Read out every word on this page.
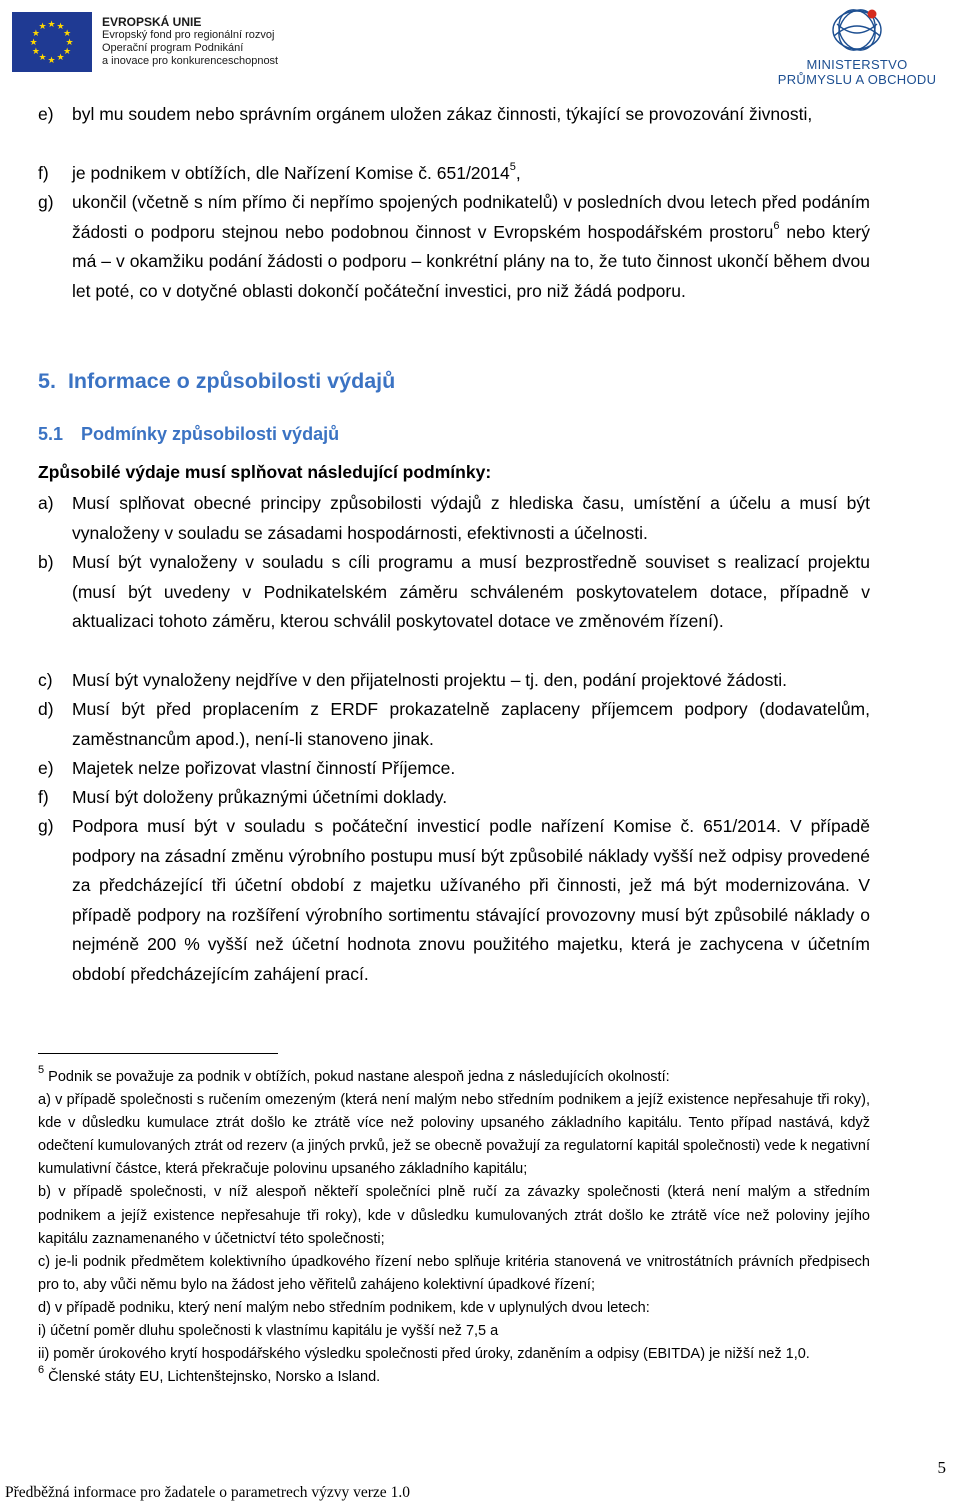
★ ★
★
★
★
★
★
★
★
★
★
★	EVROPSKÁ UNIE
Evropský fond pro regionální rozvoj
Operační program Podnikání
a inovace pro konkurenceschopnost	MINISTERSTVO
PRŮMYSLU A OBCHODU
e) byl mu soudem nebo správním orgánem uložen zákaz činnosti, týkající se provozování živnosti,
f) je podnikem v obtížích, dle Nařízení Komise č. 651/2014$^5$,
g) ukončil (včetně s ním přímo či nepřímo spojených podnikatelů) v posledních dvou letech před podáním žádosti o podporu stejnou nebo podobnou činnost v Evropském hospodářském prostoru$^6$ nebo který má – v okamžiku podání žádosti o podporu – konkrétní plány na to, že tuto činnost ukončí během dvou let poté, co v dotyčné oblasti dokončí počáteční investici, pro niž žádá podporu.
5. Informace o způsobilosti výdajů
5.1 Podmínky způsobilosti výdajů
Způsobilé výdaje musí splňovat následující podmínky:
a) Musí splňovat obecné principy způsobilosti výdajů z hlediska času, umístění a účelu a musí být vynaloženy v souladu se zásadami hospodárnosti, efektivnosti a účelnosti.
b) Musí být vynaloženy v souladu s cíli programu a musí bezprostředně souviset s realizací projektu (musí být uvedeny v Podnikatelském záměru schváleném poskytovatelem dotace, případně v aktualizaci tohoto záměru, kterou schválil poskytovatel dotace ve změnovém řízení).
c) Musí být vynaloženy nejdříve v den přijatelnosti projektu – tj. den, podání projektové žádosti.
d) Musí být před proplacením z ERDF prokazatelně zaplaceny příjemcem podpory (dodavatelům, zaměstnancům apod.), není-li stanoveno jinak.
e) Majetek nelze pořizovat vlastní činností Příjemce.
f) Musí být doloženy průkaznými účetními doklady.
g) Podpora musí být v souladu s počáteční investicí podle nařízení Komise č. 651/2014. V případě podpory na zásadní změnu výrobního postupu musí být způsobilé náklady vyšší než odpisy provedené za předcházející tři účetní období z majetku užívaného při činnosti, jež má být modernizována. V případě podpory na rozšíření výrobního sortimentu stávající provozovny musí být způsobilé náklady o nejméně 200 % vyšší než účetní hodnota znovu použitého majetku, která je zachycena v účetním období předcházejícím zahájení prací.

$^5$ Podnik se považuje za podnik v obtížích, pokud nastane alespoň jedna z následujících okolností:

a) v případě společnosti s ručením omezeným (která není malým nebo středním podnikem a jejíž existence nepřesahuje tři roky), kde v důsledku kumulace ztrát došlo ke ztrátě více než poloviny upsaného základního kapitálu. Tento případ nastává, když odečtení kumulovaných ztrát od rezerv (a jiných prvků, jež se obecně považují za regulatorní kapitál společnosti) vede k negativní kumulativní částce, která překračuje polovinu upsaného základního kapitálu;

b) v případě společnosti, v níž alespoň někteří společníci plně ručí za závazky společnosti (která není malým a středním podnikem a jejíž existence nepřesahuje tři roky), kde v důsledku kumulovaných ztrát došlo ke ztrátě více než poloviny jejího kapitálu zaznamenaného v účetnictví této společnosti;

c) je-li podnik předmětem kolektivního úpadkového řízení nebo splňuje kritéria stanovená ve vnitrostátních právních předpisech pro to, aby vůči němu bylo na žádost jeho věřitelů zahájeno kolektivní úpadkové řízení;

d) v případě podniku, který není malým nebo středním podnikem, kde v uplynulých dvou letech:

i) účetní poměr dluhu společnosti k vlastnímu kapitálu je vyšší než 7,5 a

ii) poměr úrokového krytí hospodářského výsledku společnosti před úroky, zdaněním a odpisy (EBITDA) je nižší než 1,0.

$^6$ Členské státy EU, Lichtenštejnsko, Norsko a Island.

Předběžná informace pro žadatele o parametrech výzvy verze 1.0
5
